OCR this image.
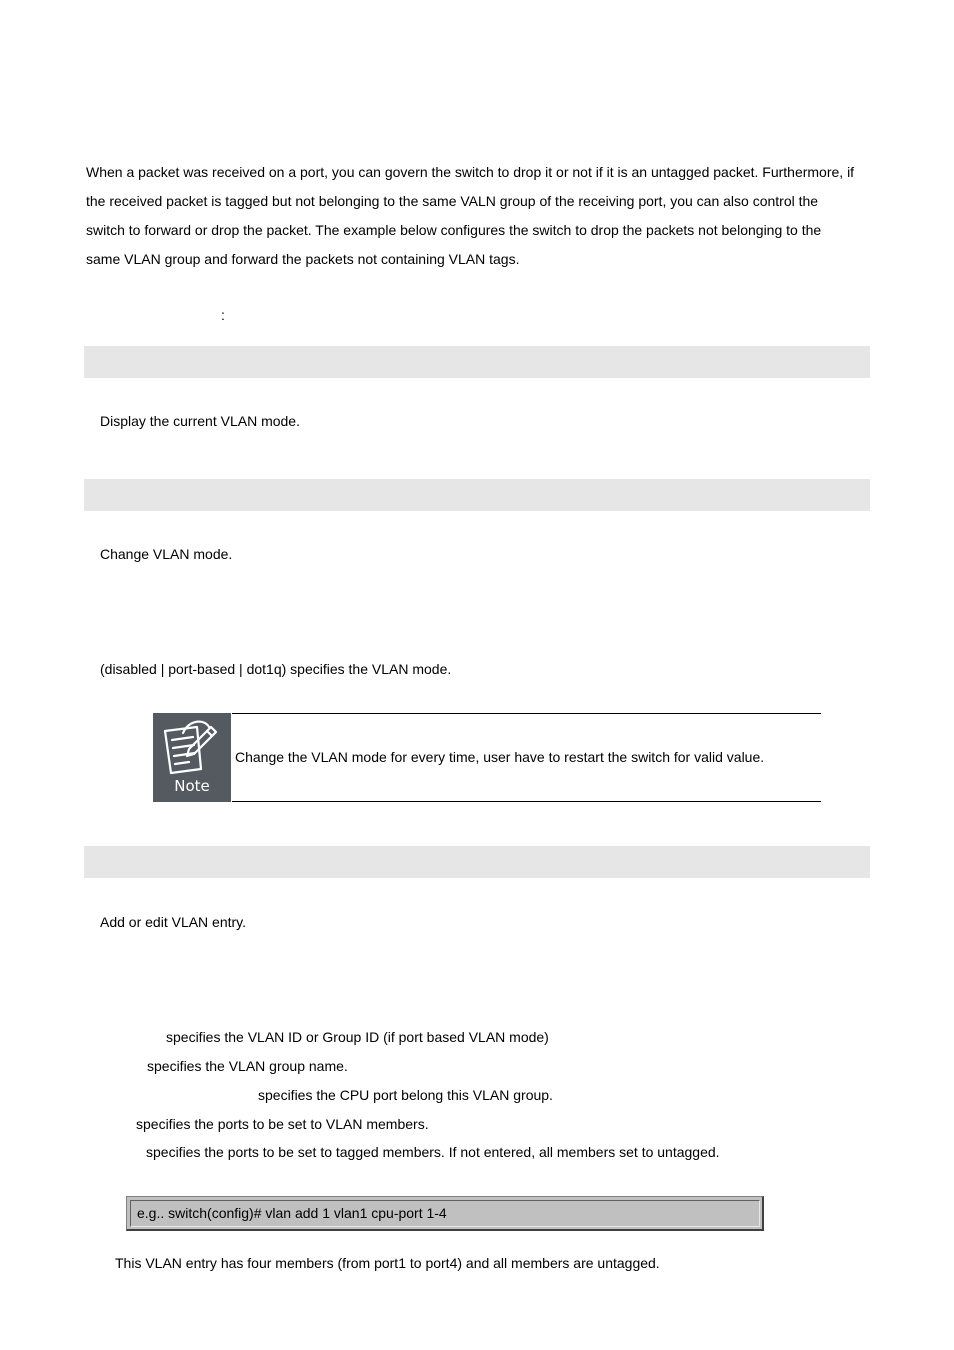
When a packet was received on a port, you can govern the switch to drop it or not if it is an untagged packet. Furthermore, if

the received packet is tagged but not belonging to the same VALN group of the receiving port, you can also control the

switch to forward or drop the packet. The example below configures the switch to drop the packets not belonging to the

same VLAN group and forward the packets not containing VLAN tags.

:
Display the current VLAN mode.
Change VLAN mode.
(disabled | port-based | dot1q) specifies the VLAN mode.
Note
Change the VLAN mode for every time, user have to restart the switch for valid value.
Add or edit VLAN entry.
specifies the VLAN ID or Group ID (if port based VLAN mode)
specifies the VLAN group name.
specifies the CPU port belong this VLAN group.
specifies the ports to be set to VLAN members.
specifies the ports to be set to tagged members. If not entered, all members set to untagged.
e.g.. switch(config)# vlan add 1 vlan1 cpu-port 1-4
This VLAN entry has four members (from port1 to port4) and all members are untagged.
